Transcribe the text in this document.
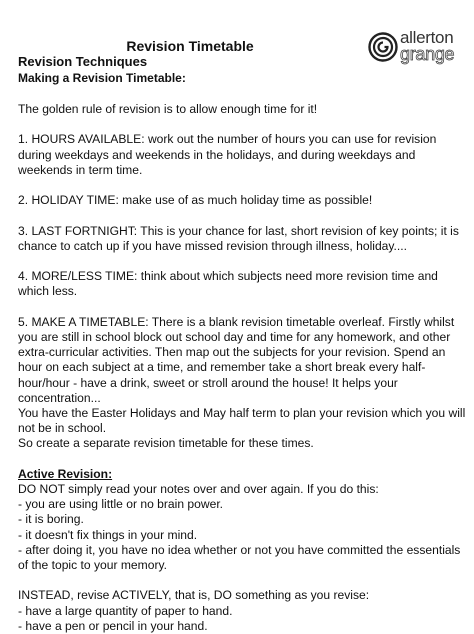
Revision Timetable	allerton
grange
Revision Techniques
Making a Revision Timetable:

The golden rule of revision is to allow enough time for it!

1. HOURS AVAILABLE: work out the number of hours you can use for revision during weekdays and weekends in the holidays, and during weekdays and weekends in term time.

2. HOLIDAY TIME: make use of as much holiday time as possible!

3. LAST FORTNIGHT: This is your chance for last, short revision of key points; it is chance to catch up if you have missed revision through illness, holiday....

4. MORE/LESS TIME: think about which subjects need more revision time and which less.

5. MAKE A TIMETABLE: There is a blank revision timetable overleaf. Firstly whilst you are still in school block out school day and time for any homework, and other extra-curricular activities. Then map out the subjects for your revision. Spend an hour on each subject at a time, and remember take a short break every half-hour/hour - have a drink, sweet or stroll around the house! It helps your concentration...

You have the Easter Holidays and May half term to plan your revision which you will not be in school.

So create a separate revision timetable for these times.

Active Revision:

DO NOT simply read your notes over and over again. If you do this:

- you are using little or no brain power.
- it is boring.
- it doesn't fix things in your mind.
- after doing it, you have no idea whether or not you have committed the essentials of the topic to your memory.

INSTEAD, revise ACTIVELY, that is, DO something as you revise:

- have a large quantity of paper to hand.
- have a pen or pencil in your hand.
